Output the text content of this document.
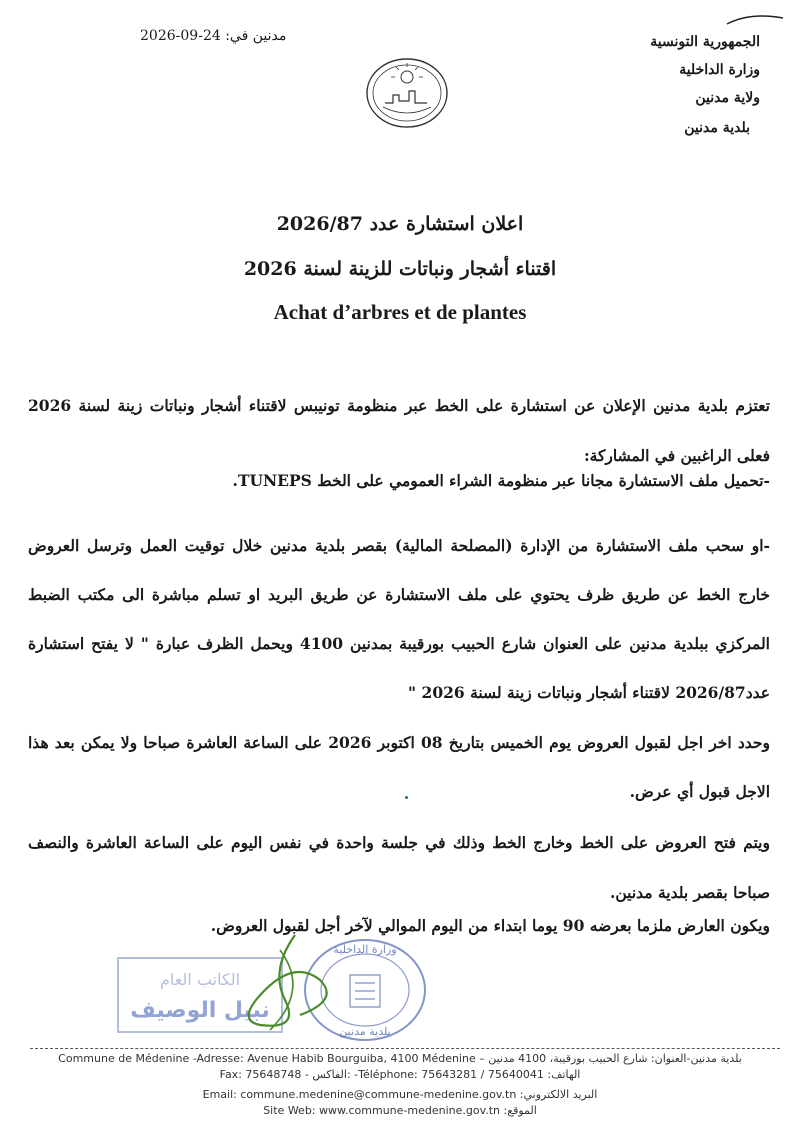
مدنين في: 24-09-2026	الجمهورية التونسية
وزارة الداخلية
ولاية مدنين
بلدية مدنين
اعلان استشارة عدد 2026/87
اقتناء أشجار ونباتات للزينة لسنة 2026
Achat d’arbres et de plantes
تعتزم بلدية مدنين الإعلان عن استشارة على الخط عبر منظومة تونيبس لاقتناء أشجار ونباتات زينة لسنة 2026 فعلى الراغبين في المشاركة:
-تحميل ملف الاستشارة مجانا عبر منظومة الشراء العمومي على الخط TUNEPS.
-او سحب ملف الاستشارة من الإدارة (المصلحة المالية) بقصر بلدية مدنين خلال توقيت العمل وترسل العروض خارج الخط عن طريق ظرف يحتوي على ملف الاستشارة عن طريق البريد او تسلم مباشرة الى مكتب الضبط المركزي ببلدية مدنين على العنوان شارع الحبيب بورقيبة بمدنين 4100 ويحمل الظرف عبارة " لا يفتح استشارة عدد2026/87 لاقتناء أشجار ونباتات زينة لسنة 2026 "
وحدد اخر اجل لقبول العروض يوم الخميس بتاريخ 08 اكتوبر 2026 على الساعة العاشرة صباحا ولا يمكن بعد هذا الاجل قبول أي عرض.
ويتم فتح العروض على الخط وخارج الخط وذلك في جلسة واحدة في نفس اليوم على الساعة العاشرة والنصف صباحا بقصر بلدية مدنين.
ويكون العارض ملزما بعرضه 90 يوما ابتداء من اليوم الموالي لآخر أجل لقبول العروض.
الكاتب العام
نبيل الوصيف
وزارة الداخلية
بلدية مدنين
Commune de Médenine -Adresse: Avenue Habib Bourguiba, 4100 Médenine – بلدية مدنين-العنوان: شارع الحبيب بورقيبة، 4100 مدنين
Fax: 75648748 - الفاكس: -Téléphone: 75643281 / 75640041 :الهاتف
Email: commune.medenine@commune-medenine.gov.tn :البريد الالكتروني
Site Web: www.commune-medenine.gov.tn :الموقع
